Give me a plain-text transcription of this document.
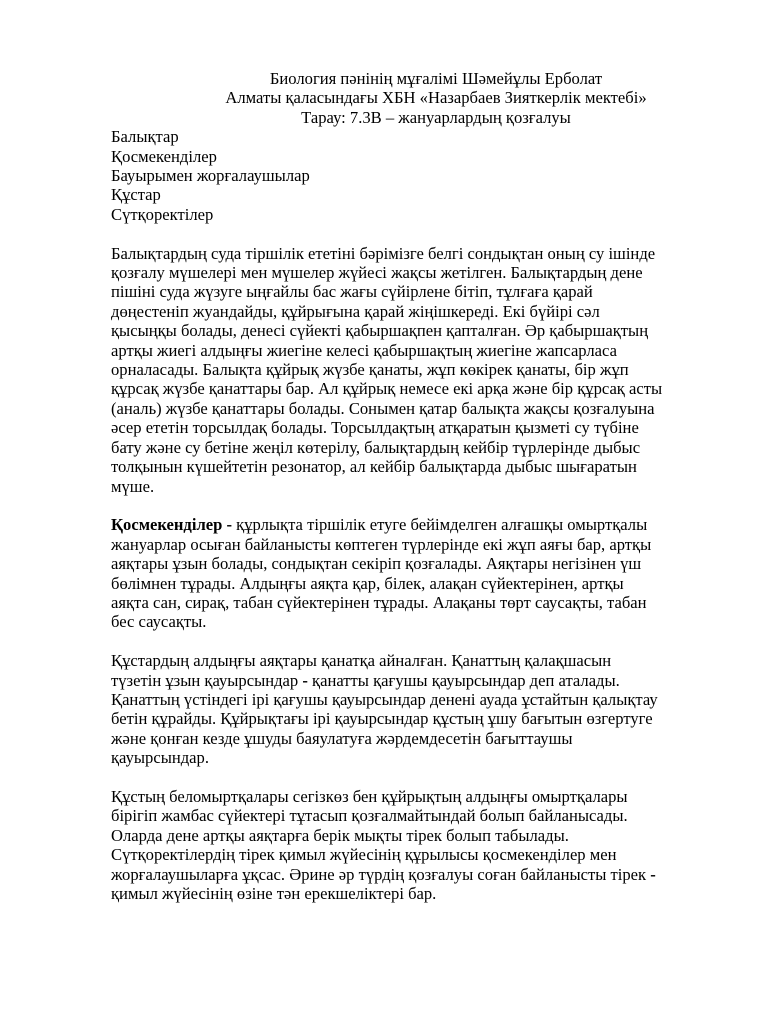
Биология пәнінің мұғалімі Шәмейұлы Ерболат
Алматы қаласындағы ХБН «Назарбаев Зияткерлік мектебі»
Тарау: 7.3В – жануарлардың қозғалуы
Балықтар
Қосмекенділер
Бауырымен жорғалаушылар
Құстар
Сүтқоректілер
Балықтардың суда тіршілік ететіні бәрімізге белгі сондықтан оның су ішінде
қозғалу мүшелері мен мүшелер жүйесі жақсы жетілген. Балықтардың дене
пішіні суда жүзуге ыңғайлы бас жағы сүйірлене бітіп, тұлғаға қарай
дөңестеніп жуандайды, құйрығына қарай жіңішкереді. Екі бүйірі сәл
қысыңқы болады, денесі сүйекті қабыршақпен қапталған. Әр қабыршақтың
артқы жиегі алдыңғы жиегіне келесі қабыршақтың жиегіне жапсарласа
орналасады. Балықта құйрық жүзбе қанаты, жұп көкірек қанаты, бір жұп
құрсақ жүзбе қанаттары бар. Ал құйрық немесе екі арқа және бір құрсақ асты
(аналь) жүзбе қанаттары болады. Сонымен қатар балықта жақсы қозғалуына
әсер ететін торсылдақ болады. Торсылдақтың атқаратын қызметі су түбіне
бату және су бетіне жеңіл көтерілу, балықтардың кейбір түрлерінде дыбыс
толқынын күшейтетін резонатор, ал кейбір балықтарда дыбыс шығаратын
мүше.
Қосмекенділер - құрлықта тіршілік етуге бейімделген алғашқы омыртқалы
жануарлар осыған байланысты көптеген түрлерінде екі жұп аяғы бар, артқы
аяқтары ұзын болады, сондықтан секіріп қозғалады. Аяқтары негізінен үш
бөлімнен тұрады. Алдыңғы аяқта қар, білек, алақан сүйектерінен, артқы
аяқта сан, сирақ, табан сүйектерінен тұрады. Алақаны төрт саусақты, табан
бес саусақты.
Құстардың алдыңғы аяқтары қанатқа айналған. Қанаттың қалақшасын
түзетін ұзын қауырсындар - қанатты қағушы қауырсындар деп аталады.
Қанаттың үстіндегі ірі қағушы қауырсындар денені ауада ұстайтын қалықтау
бетін құрайды. Құйрықтағы ірі қауырсындар құстың ұшу бағытын өзгертуге
және қонған кезде ұшуды баяулатуға жәрдемдесетін бағыттаушы
қауырсындар.
Құстың беломыртқалары сегізкөз бен құйрықтың алдыңғы омыртқалары
бірігіп жамбас сүйектері тұтасып қозғалмайтындай болып байланысады.
Оларда дене артқы аяқтарға берік мықты тірек болып табылады.
Сүтқоректілердің тірек қимыл жүйесінің құрылысы қосмекенділер мен
жорғалаушыларға ұқсас. Әрине әр түрдің қозғалуы соған байланысты тірек -
қимыл жүйесінің өзіне тән ерекшеліктері бар.
